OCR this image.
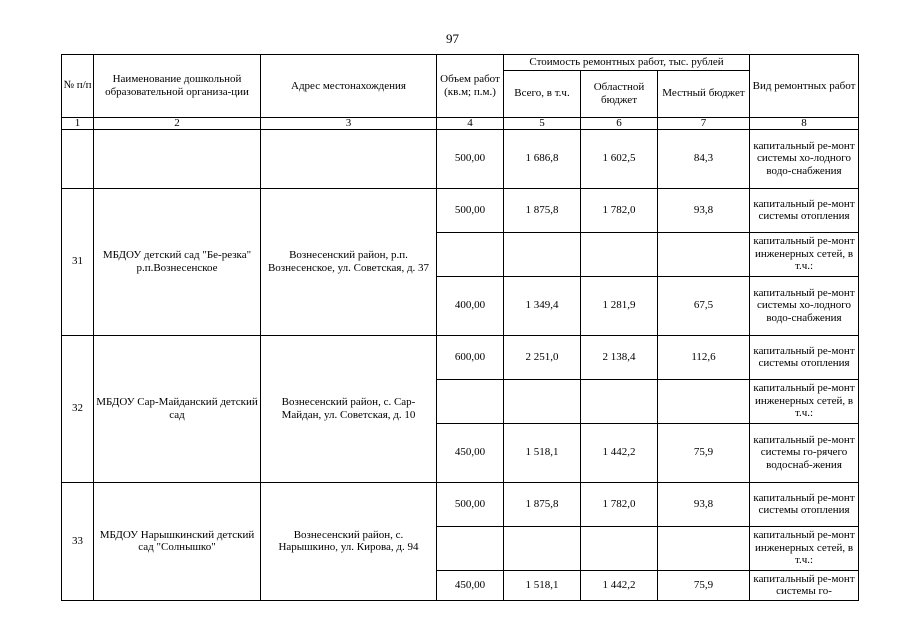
97
№ п/п	Наименование дошкольной образовательной организа-ции	Адрес местонахождения	Объем работ (кв.м; п.м.)	Стоимость ремонтных работ, тыс. рублей			Вид ремонтных работ
				Всего, в т.ч.	Областной бюджет	Местный бюджет	
1	2	3	4	5	6	7	8
			500,00	1 686,8	1 602,5	84,3	капитальный ре-монт системы хо-лодного водо-снабжения
31	МБДОУ детский сад "Бе-резка" р.п.Вознесенское	Вознесенский район, р.п. Вознесенское, ул. Советская, д. 37	500,00	1 875,8	1 782,0	93,8	капитальный ре-монт системы отопления
							капитальный ре-монт инженерных сетей, в т.ч.:
			400,00	1 349,4	1 281,9	67,5	капитальный ре-монт системы хо-лодного водо-снабжения
32	МБДОУ Сар-Майданский детский сад	Вознесенский район, с. Сар-Майдан, ул. Советская, д. 10	600,00	2 251,0	2 138,4	112,6	капитальный ре-монт системы отопления
							капитальный ре-монт инженерных сетей, в т.ч.:
			450,00	1 518,1	1 442,2	75,9	капитальный ре-монт системы го-рячего водоснаб-жения
33	МБДОУ Нарышкинский детский сад "Солнышко"	Вознесенский район, с. Нарышкино, ул. Кирова, д. 94	500,00	1 875,8	1 782,0	93,8	капитальный ре-монт системы отопления
							капитальный ре-монт инженерных сетей, в т.ч.:
			450,00	1 518,1	1 442,2	75,9	капитальный ре-монт системы го-
